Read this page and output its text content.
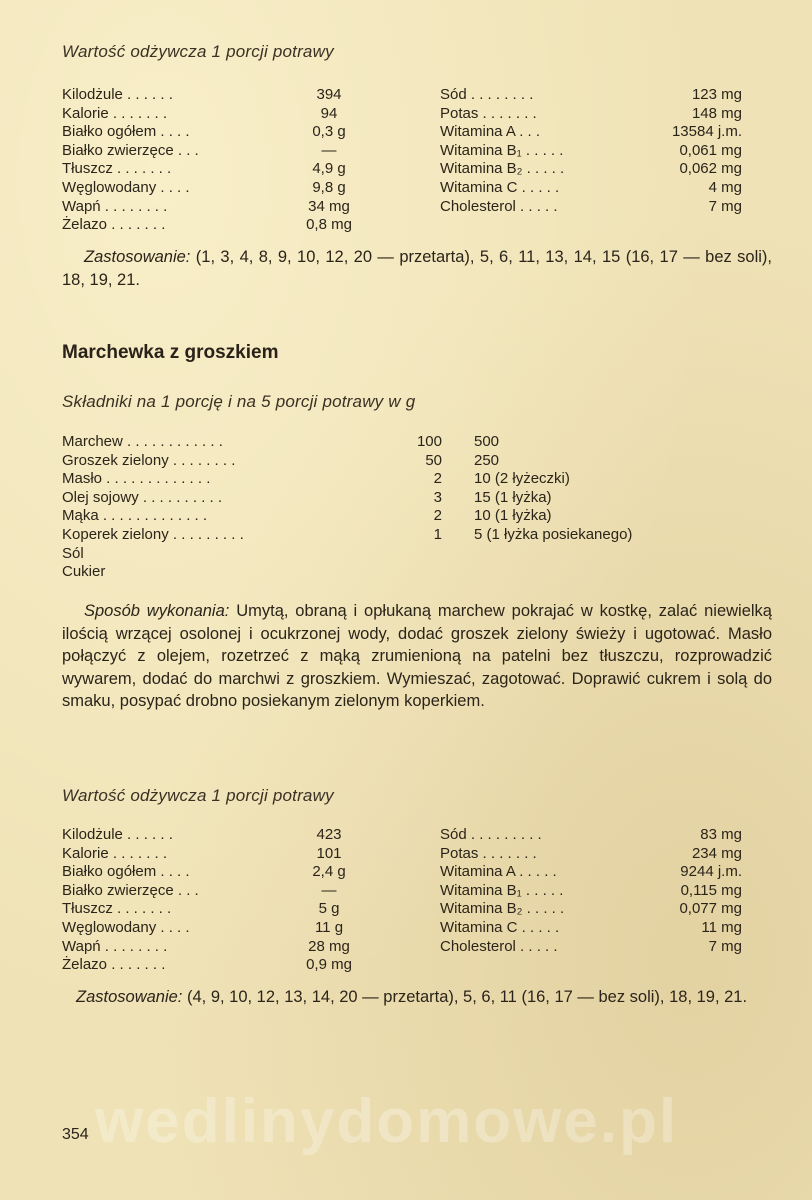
Wartość odżywcza 1 porcji potrawy
Kilodżule . . . . . .	394
Kalorie . . . . . . .	94
Białko ogółem . . . .	0,3 g
Białko zwierzęce . . .	—
Tłuszcz . . . . . . .	4,9 g
Węglowodany . . . .	9,8 g
Wapń . . . . . . . .	34 mg
Żelazo . . . . . . .	0,8 mg
Sód . . . . . . . .	123 mg
Potas . . . . . . .	148 mg
Witamina A . . .	13584 j.m.
Witamina B₁ . . . . .	0,061 mg
Witamina B₂ . . . . .	0,062 mg
Witamina C . . . . .	4 mg
Cholesterol . . . . .	7 mg
Zastosowanie: (1, 3, 4, 8, 9, 10, 12, 20 — przetarta), 5, 6, 11, 13, 14, 15 (16, 17 — bez soli), 18, 19, 21.
Marchewka z groszkiem
Składniki na 1 porcję i na 5 porcji potrawy w g
Marchew . . . . . . . . . . . .	100 500
Groszek zielony . . . . . . . .	50 250
Masło . . . . . . . . . . . . .	2 10 (2 łyżeczki)
Olej sojowy . . . . . . . . . .	3 15 (1 łyżka)
Mąka . . . . . . . . . . . . .	2 10 (1 łyżka)
Koperek zielony . . . . . . . . .	1 5 (1 łyżka posiekanego)
Sól
Cukier
Sposób wykonania: Umytą, obraną i opłukaną marchew pokrajać w kostkę, zalać niewielką ilością wrzącej osolonej i ocukrzonej wody, dodać groszek zielony świeży i ugotować. Masło połączyć z olejem, rozetrzeć z mąką zrumienioną na patelni bez tłuszczu, rozprowadzić wywarem, dodać do marchwi z groszkiem. Wymieszać, zagotować. Doprawić cukrem i solą do smaku, posypać drobno posiekanym zielonym koperkiem.
Wartość odżywcza 1 porcji potrawy
Kilodżule . . . . . .	423
Kalorie . . . . . . .	101
Białko ogółem . . . .	2,4 g
Białko zwierzęce . . .	—
Tłuszcz . . . . . . .	5 g
Węglowodany . . . .	11 g
Wapń . . . . . . . .	28 mg
Żelazo . . . . . . .	0,9 mg
Sód . . . . . . . . .	83 mg
Potas . . . . . . .	234 mg
Witamina A . . . . .	9244 j.m.
Witamina B₁ . . . . .	0,115 mg
Witamina B₂ . . . . .	0,077 mg
Witamina C . . . . .	11 mg
Cholesterol . . . . .	7 mg
Zastosowanie: (4, 9, 10, 12, 13, 14, 20 — przetarta), 5, 6, 11 (16, 17 — bez soli), 18, 19, 21.
wedlinydomowe.pl
354
